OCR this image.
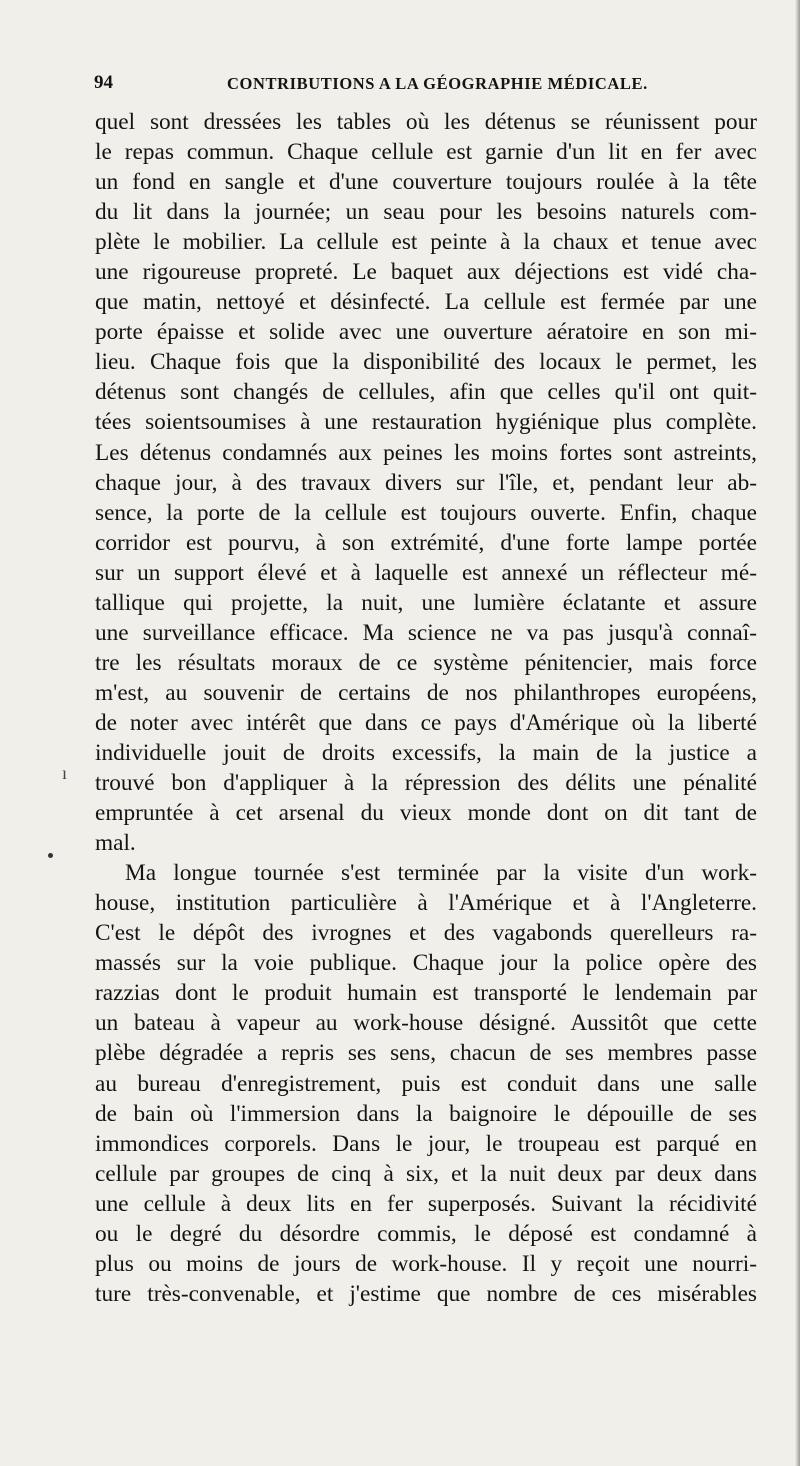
94	CONTRIBUTIONS A LA GÉOGRAPHIE MÉDICALE.
ı
quel sont dressées les tables où les détenus se réunissent pour
le repas commun. Chaque cellule est garnie d'un lit en fer avec
un fond en sangle et d'une couverture toujours roulée à la tête
du lit dans la journée; un seau pour les besoins naturels com-
plète le mobilier. La cellule est peinte à la chaux et tenue avec
une rigoureuse propreté. Le baquet aux déjections est vidé cha-
que matin, nettoyé et désinfecté. La cellule est fermée par une
porte épaisse et solide avec une ouverture aératoire en son mi-
lieu. Chaque fois que la disponibilité des locaux le permet, les
détenus sont changés de cellules, afin que celles qu'il ont quit-
tées soientsoumises à une restauration hygiénique plus complète.
Les détenus condamnés aux peines les moins fortes sont astreints,
chaque jour, à des travaux divers sur l'île, et, pendant leur ab-
sence, la porte de la cellule est toujours ouverte. Enfin, chaque
corridor est pourvu, à son extrémité, d'une forte lampe portée
sur un support élevé et à laquelle est annexé un réflecteur mé-
tallique qui projette, la nuit, une lumière éclatante et assure
une surveillance efficace. Ma science ne va pas jusqu'à connaî-
tre les résultats moraux de ce système pénitencier, mais force
m'est, au souvenir de certains de nos philanthropes européens,
de noter avec intérêt que dans ce pays d'Amérique où la liberté
individuelle jouit de droits excessifs, la main de la justice a
trouvé bon d'appliquer à la répression des délits une pénalité
empruntée à cet arsenal du vieux monde dont on dit tant de
mal.
Ma longue tournée s'est terminée par la visite d'un work-
house, institution particulière à l'Amérique et à l'Angleterre.
C'est le dépôt des ivrognes et des vagabonds querelleurs ra-
massés sur la voie publique. Chaque jour la police opère des
razzias dont le produit humain est transporté le lendemain par
un bateau à vapeur au work-house désigné. Aussitôt que cette
plèbe dégradée a repris ses sens, chacun de ses membres passe
au bureau d'enregistrement, puis est conduit dans une salle
de bain où l'immersion dans la baignoire le dépouille de ses
immondices corporels. Dans le jour, le troupeau est parqué en
cellule par groupes de cinq à six, et la nuit deux par deux dans
une cellule à deux lits en fer superposés. Suivant la récidivité
ou le degré du désordre commis, le déposé est condamné à
plus ou moins de jours de work-house. Il y reçoit une nourri-
ture très-convenable, et j'estime que nombre de ces misérables
